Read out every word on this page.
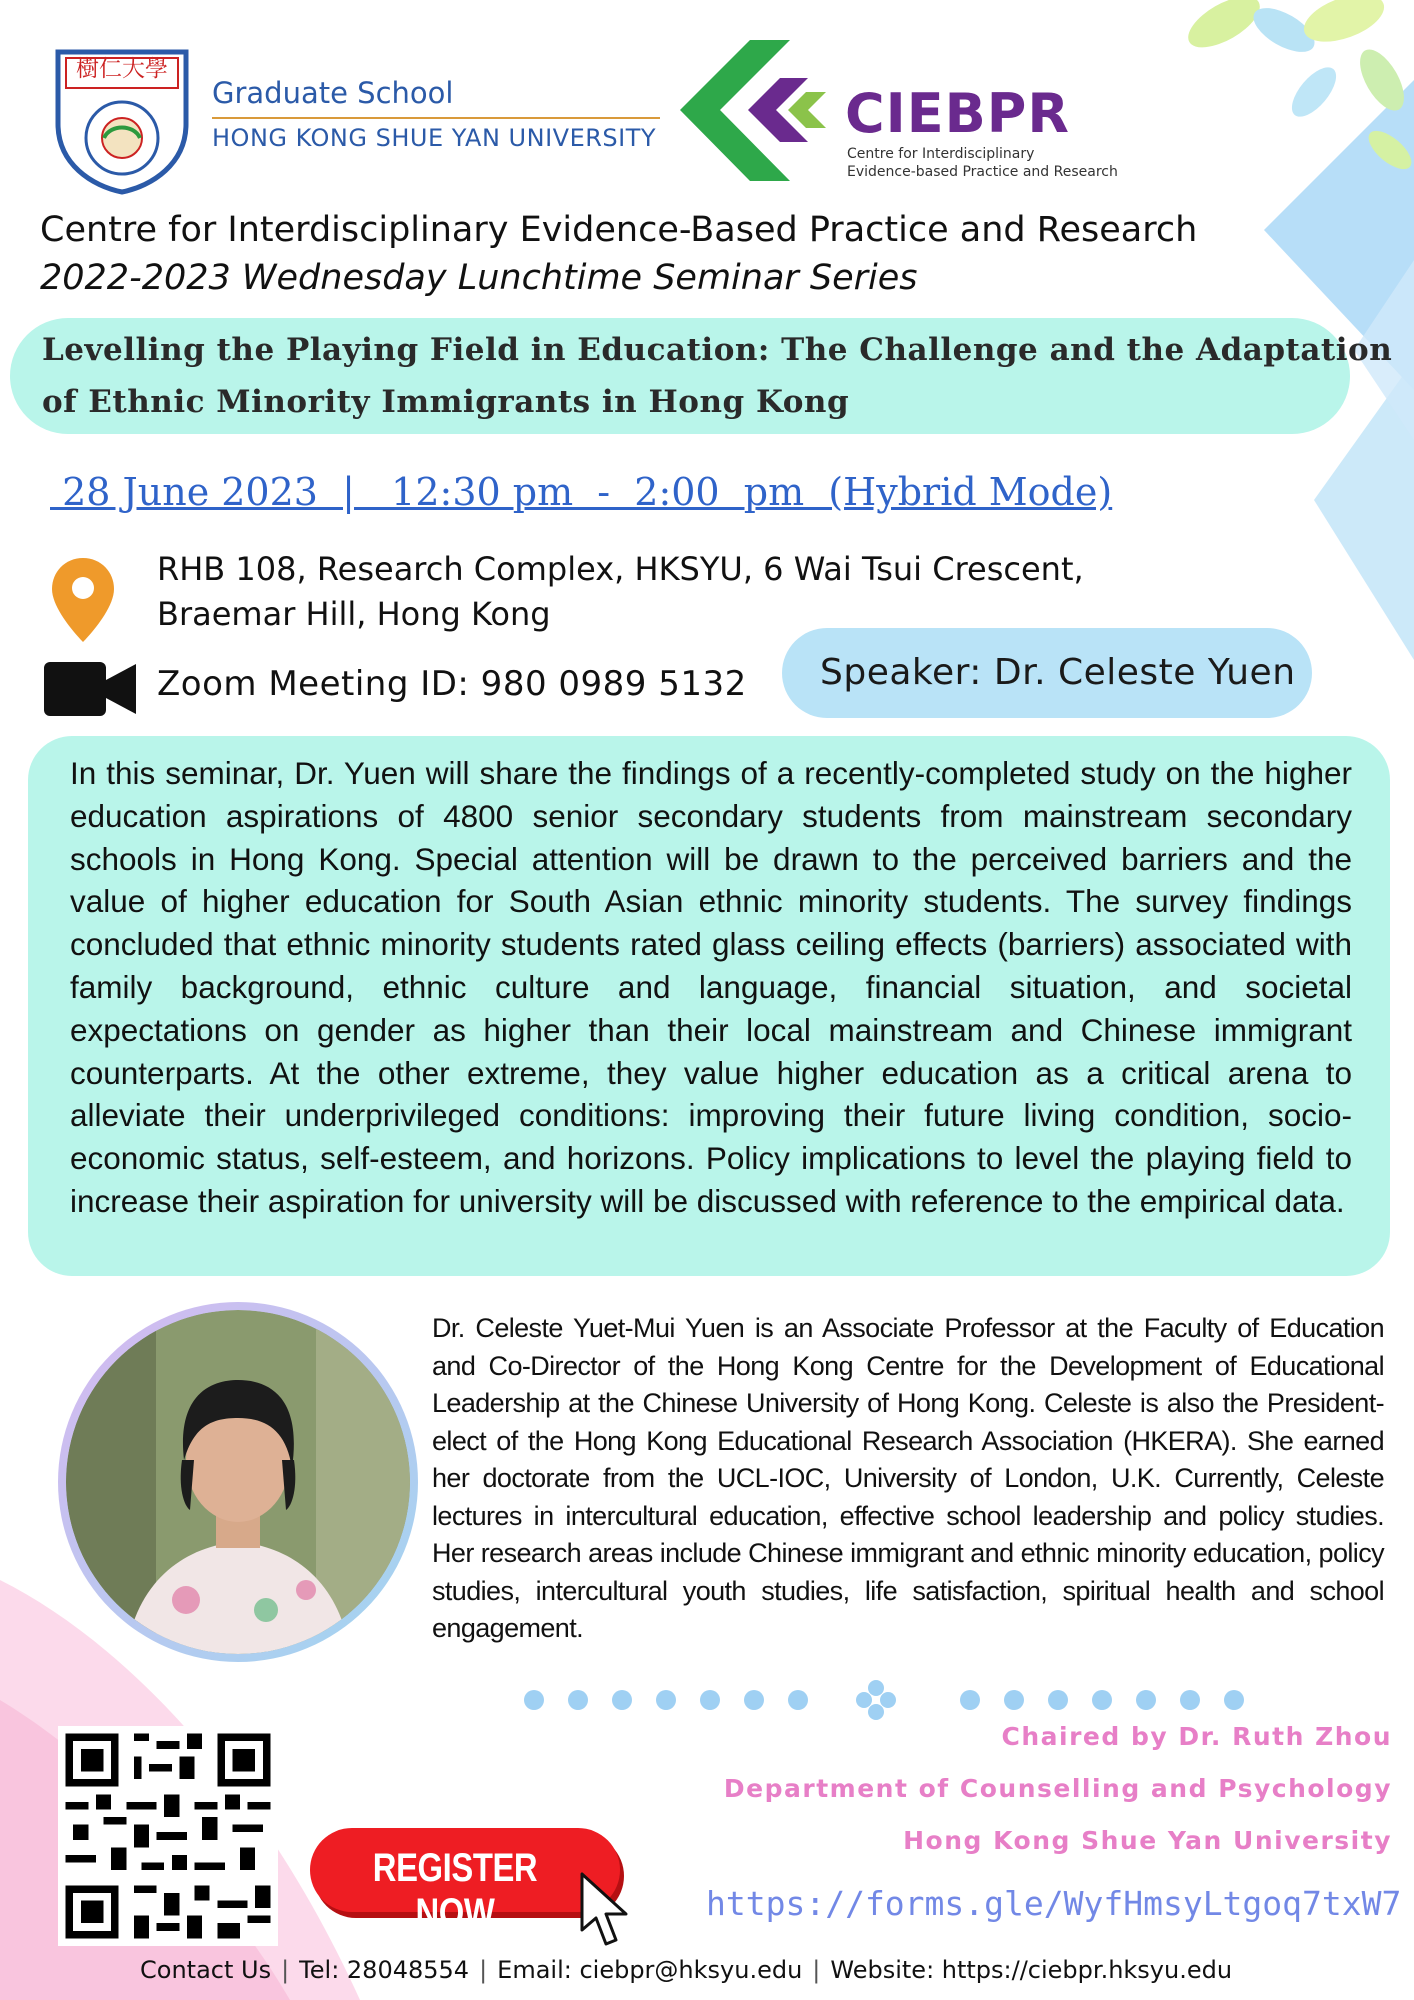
樹仁大學
Graduate School
HONG KONG SHUE YAN UNIVERSITY	CIEBPR
Centre for Interdisciplinary
Evidence-based Practice and Research
Centre for Interdisciplinary Evidence-Based Practice and Research
2022-2023 Wednesday Lunchtime Seminar Series
Levelling the Playing Field in Education: The Challenge and the Adaptation
of Ethnic Minority Immigrants in Hong Kong
28 June 2023  |   12:30 pm  -  2:00  pm  (Hybrid Mode)
RHB 108, Research Complex, HKSYU, 6 Wai Tsui Crescent,
Braemar Hill, Hong Kong
Zoom Meeting ID: 980 0989 5132 Speaker: Dr. Celeste Yuen
In this seminar, Dr. Yuen will share the findings of a recently-completed study on the higher education aspirations of 4800 senior secondary students from mainstream secondary schools in Hong Kong. Special attention will be drawn to the perceived barriers and the value of higher education for South Asian ethnic minority students. The survey findings concluded that ethnic minority students rated glass ceiling effects (barriers) associated with family background, ethnic culture and language, financial situation, and societal expectations on gender as higher than their local mainstream and Chinese immigrant counterparts. At the other extreme, they value higher education as a critical arena to alleviate their underprivileged conditions: improving their future living condition, socio-economic status, self-esteem, and horizons. Policy implications to level the playing field to increase their aspiration for university will be discussed with reference to the empirical data.
Dr. Celeste Yuet-Mui Yuen is an Associate Professor at the Faculty of Education and Co-Director of the Hong Kong Centre for the Development of Educational Leadership at the Chinese University of Hong Kong. Celeste is also the President-elect of the Hong Kong Educational Research Association (HKERA). She earned her doctorate from the UCL-IOC, University of London, U.K. Currently, Celeste lectures in intercultural education, effective school leadership and policy studies. Her research areas include Chinese immigrant and ethnic minority education, policy studies, intercultural youth studies, life satisfaction, spiritual health and school engagement.
REGISTER NOW
Chaired by Dr. Ruth Zhou
Department of Counselling and Psychology
Hong Kong Shue Yan University
https://forms.gle/WyfHmsyLtgoq7txW7
Contact Us | Tel: 28048554 | Email: ciebpr@hksyu.edu | Website: https://ciebpr.hksyu.edu
